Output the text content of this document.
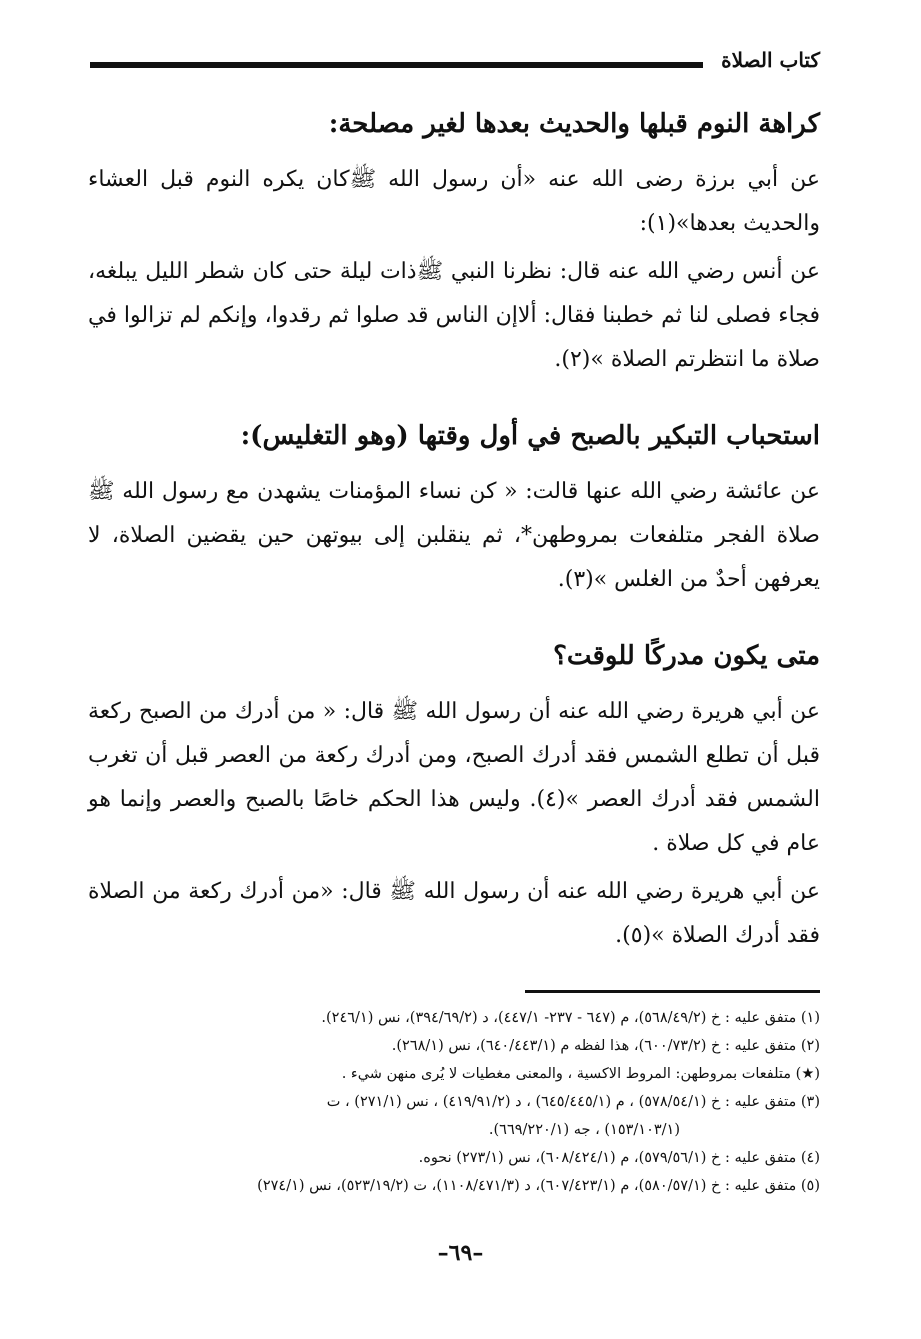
كتاب الصلاة
كراهة النوم قبلها والحديث بعدها لغير مصلحة:

عن أبي برزة رضى الله عنه «أن رسول الله ﷺكان يكره النوم قبل العشاء والحديث بعدها»(١):

عن أنس رضي الله عنه قال: نظرنا النبي ﷺذات ليلة حتى كان شطر الليل يبلغه، فجاء فصلى لنا ثم خطبنا فقال: ألاإن الناس قد صلوا ثم رقدوا، وإنكم لم تزالوا في صلاة ما انتظرتم الصلاة »(٢).

استحباب التبكير بالصبح في أول وقتها (وهو التغليس):

عن عائشة رضي الله عنها قالت: « كن نساء المؤمنات يشهدن مع رسول الله ﷺ صلاة الفجر متلفعات بمروطهن*، ثم ينقلبن إلى بيوتهن حين يقضين الصلاة، لا يعرفهن أحدٌ من الغلس »(٣).

متى يكون مدركًا للوقت؟

عن أبي هريرة رضي الله عنه أن رسول الله ﷺ قال: « من أدرك من الصبح ركعة قبل أن تطلع الشمس فقد أدرك الصبح، ومن أدرك ركعة من العصر قبل أن تغرب الشمس فقد أدرك العصر »(٤). وليس هذا الحكم خاصًا بالصبح والعصر وإنما هو عام في كل صلاة .

عن أبي هريرة رضي الله عنه أن رسول الله ﷺ قال: «من أدرك ركعة من الصلاة فقد أدرك الصلاة »(٥).

(١) متفق عليه : خ (٥٦٨/٤٩/٢)، م (٦٤٧ - ٢٣٧- ٤٤٧/١)، د (٣٩٤/٦٩/٢)، نس (٢٤٦/١).

(٢) متفق عليه : خ (٦٠٠/٧٣/٢)، هذا لفظه م (٦٤٠/٤٤٣/١)، نس (٢٦٨/١).

(★) متلفعات بمروطهن: المروط الاكسية ، والمعنى مغطيات لا يُرى منهن شيء .

(٣) متفق عليه : خ (٥٧٨/٥٤/١) ، م (٦٤٥/٤٤٥/١) ، د (٤١٩/٩١/٢) ، نس (٢٧١/١) ، ت

(١٥٣/١٠٣/١) ، جه (٦٦٩/٢٢٠/١).

(٤) متفق عليه : خ (٥٧٩/٥٦/١)، م (٦٠٨/٤٢٤/١)، نس (٢٧٣/١) نحوه.

(٥) متفق عليه : خ (٥٨٠/٥٧/١)، م (٦٠٧/٤٢٣/١)، د (١١٠٨/٤٧١/٣)، ت (٥٢٣/١٩/٢)، نس (٢٧٤/١)

–٦٩–
